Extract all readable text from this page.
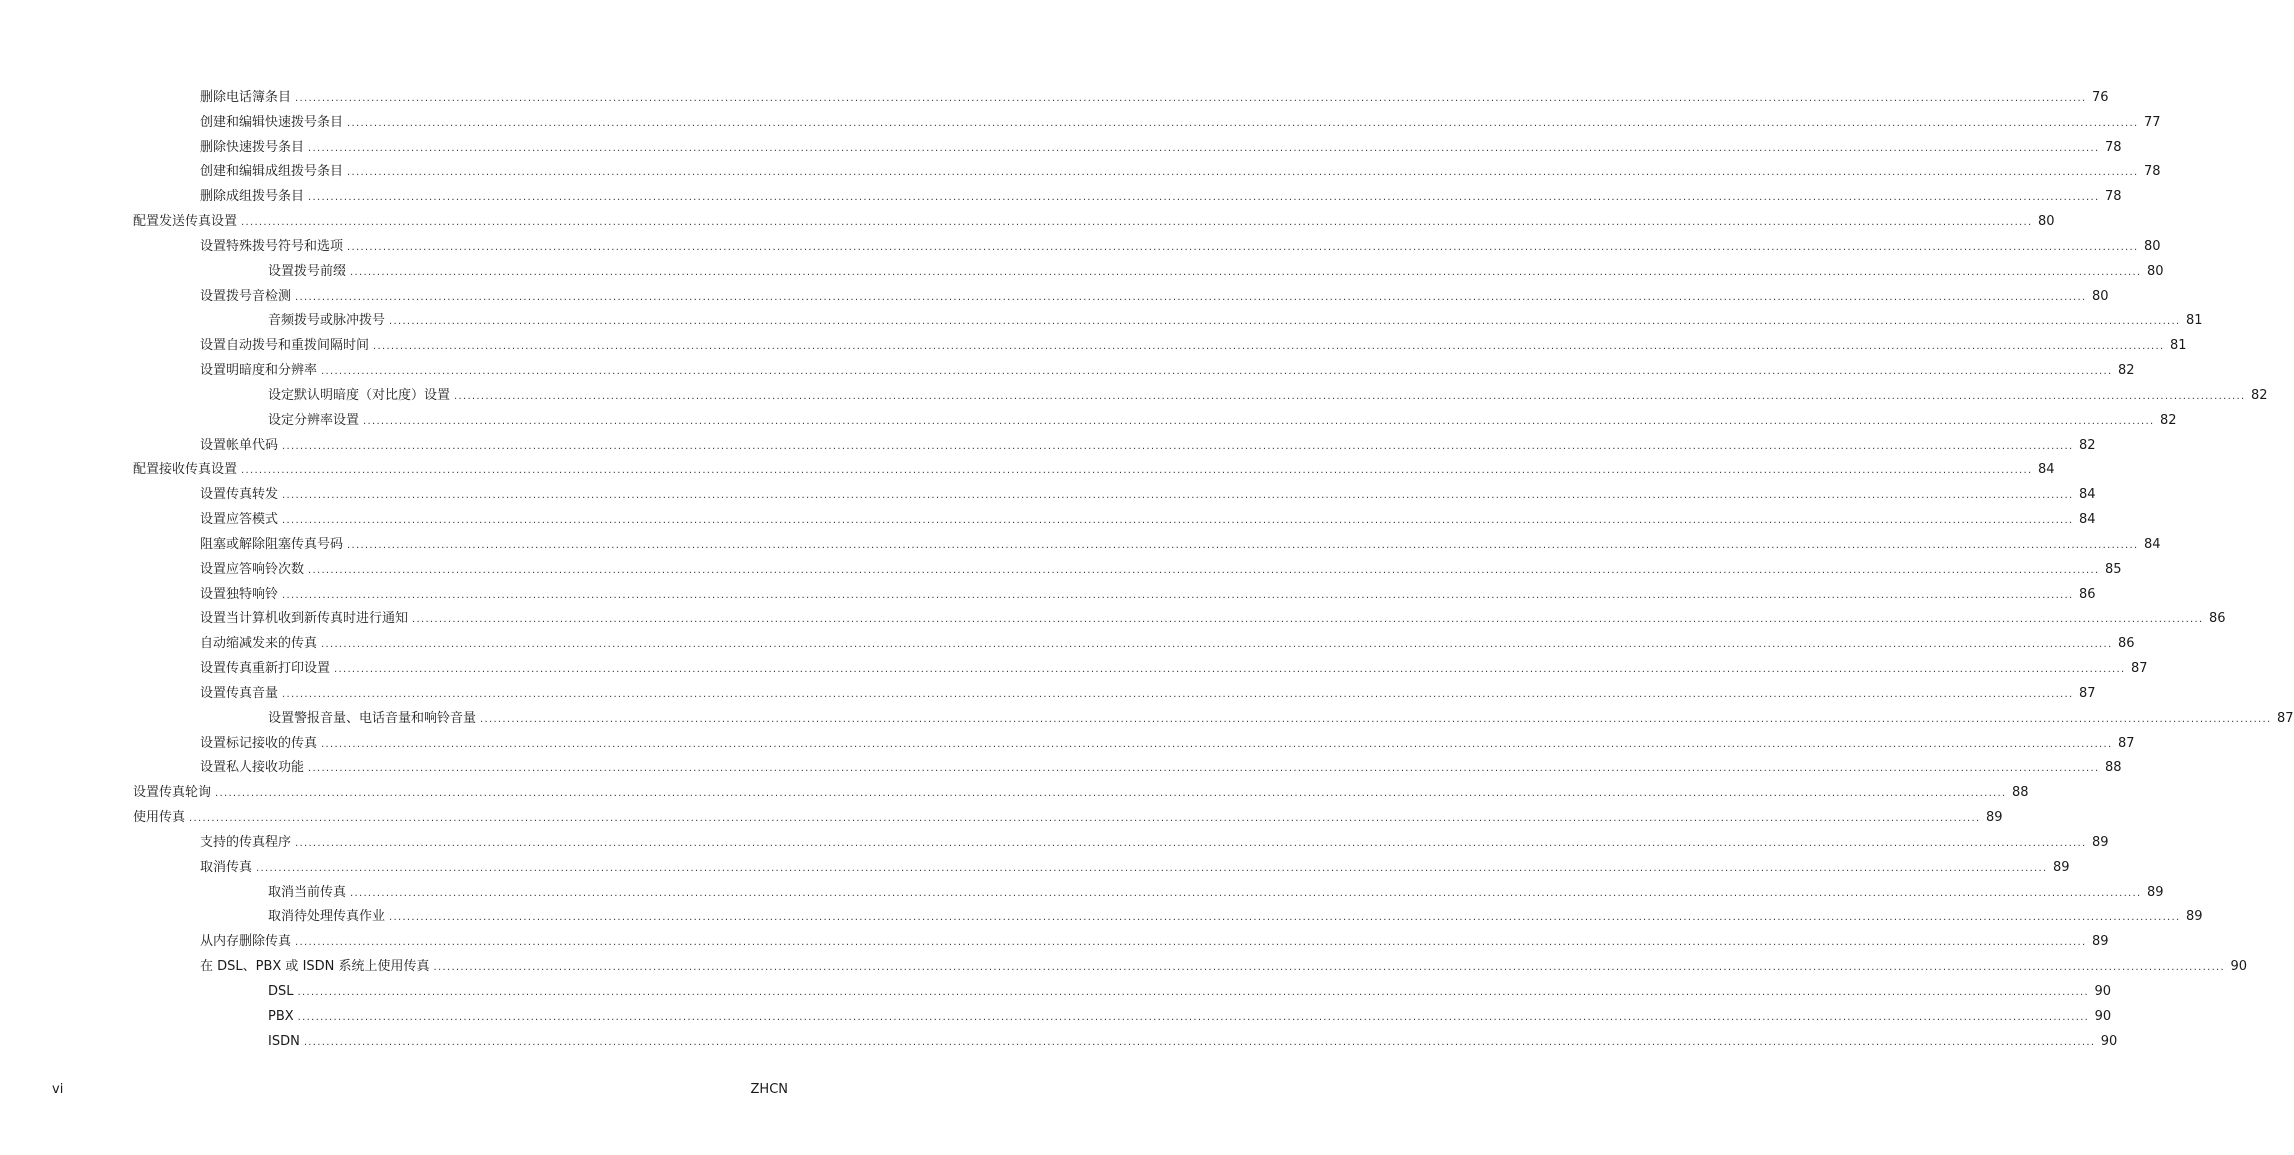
删除电话簿条目 ................................................................................................................................................................................................................................................................................................................................................................................................................ 76
创建和编辑快速拨号条目 ................................................................................................................................................................................................................................................................................................................................................................................................................ 77
删除快速拨号条目 ................................................................................................................................................................................................................................................................................................................................................................................................................ 78
创建和编辑成组拨号条目 ................................................................................................................................................................................................................................................................................................................................................................................................................ 78
删除成组拨号条目 ................................................................................................................................................................................................................................................................................................................................................................................................................ 78
配置发送传真设置 ................................................................................................................................................................................................................................................................................................................................................................................................................ 80
设置特殊拨号符号和选项 ................................................................................................................................................................................................................................................................................................................................................................................................................ 80
设置拨号前缀 ................................................................................................................................................................................................................................................................................................................................................................................................................ 80
设置拨号音检测 ................................................................................................................................................................................................................................................................................................................................................................................................................ 80
音频拨号或脉冲拨号 ................................................................................................................................................................................................................................................................................................................................................................................................................ 81
设置自动拨号和重拨间隔时间 ................................................................................................................................................................................................................................................................................................................................................................................................................ 81
设置明暗度和分辨率 ................................................................................................................................................................................................................................................................................................................................................................................................................ 82
设定默认明暗度（对比度）设置 ................................................................................................................................................................................................................................................................................................................................................................................................................ 82
设定分辨率设置 ................................................................................................................................................................................................................................................................................................................................................................................................................ 82
设置帐单代码 ................................................................................................................................................................................................................................................................................................................................................................................................................ 82
配置接收传真设置 ................................................................................................................................................................................................................................................................................................................................................................................................................ 84
设置传真转发 ................................................................................................................................................................................................................................................................................................................................................................................................................ 84
设置应答模式 ................................................................................................................................................................................................................................................................................................................................................................................................................ 84
阻塞或解除阻塞传真号码 ................................................................................................................................................................................................................................................................................................................................................................................................................ 84
设置应答响铃次数 ................................................................................................................................................................................................................................................................................................................................................................................................................ 85
设置独特响铃 ................................................................................................................................................................................................................................................................................................................................................................................................................ 86
设置当计算机收到新传真时进行通知 ................................................................................................................................................................................................................................................................................................................................................................................................................ 86
自动缩减发来的传真 ................................................................................................................................................................................................................................................................................................................................................................................................................ 86
设置传真重新打印设置 ................................................................................................................................................................................................................................................................................................................................................................................................................ 87
设置传真音量 ................................................................................................................................................................................................................................................................................................................................................................................................................ 87
设置警报音量、电话音量和响铃音量 ................................................................................................................................................................................................................................................................................................................................................................................................................ 87
设置标记接收的传真 ................................................................................................................................................................................................................................................................................................................................................................................................................ 87
设置私人接收功能 ................................................................................................................................................................................................................................................................................................................................................................................................................ 88
设置传真轮询 ................................................................................................................................................................................................................................................................................................................................................................................................................ 88
使用传真 ................................................................................................................................................................................................................................................................................................................................................................................................................ 89
支持的传真程序 ................................................................................................................................................................................................................................................................................................................................................................................................................ 89
取消传真 ................................................................................................................................................................................................................................................................................................................................................................................................................ 89
取消当前传真 ................................................................................................................................................................................................................................................................................................................................................................................................................ 89
取消待处理传真作业 ................................................................................................................................................................................................................................................................................................................................................................................................................ 89
从内存删除传真 ................................................................................................................................................................................................................................................................................................................................................................................................................ 89
在 DSL、PBX 或 ISDN 系统上使用传真 ................................................................................................................................................................................................................................................................................................................................................................................................................ 90
DSL ................................................................................................................................................................................................................................................................................................................................................................................................................ 90
PBX ................................................................................................................................................................................................................................................................................................................................................................................................................ 90
ISDN ................................................................................................................................................................................................................................................................................................................................................................................................................ 90
vi	ZHCN
